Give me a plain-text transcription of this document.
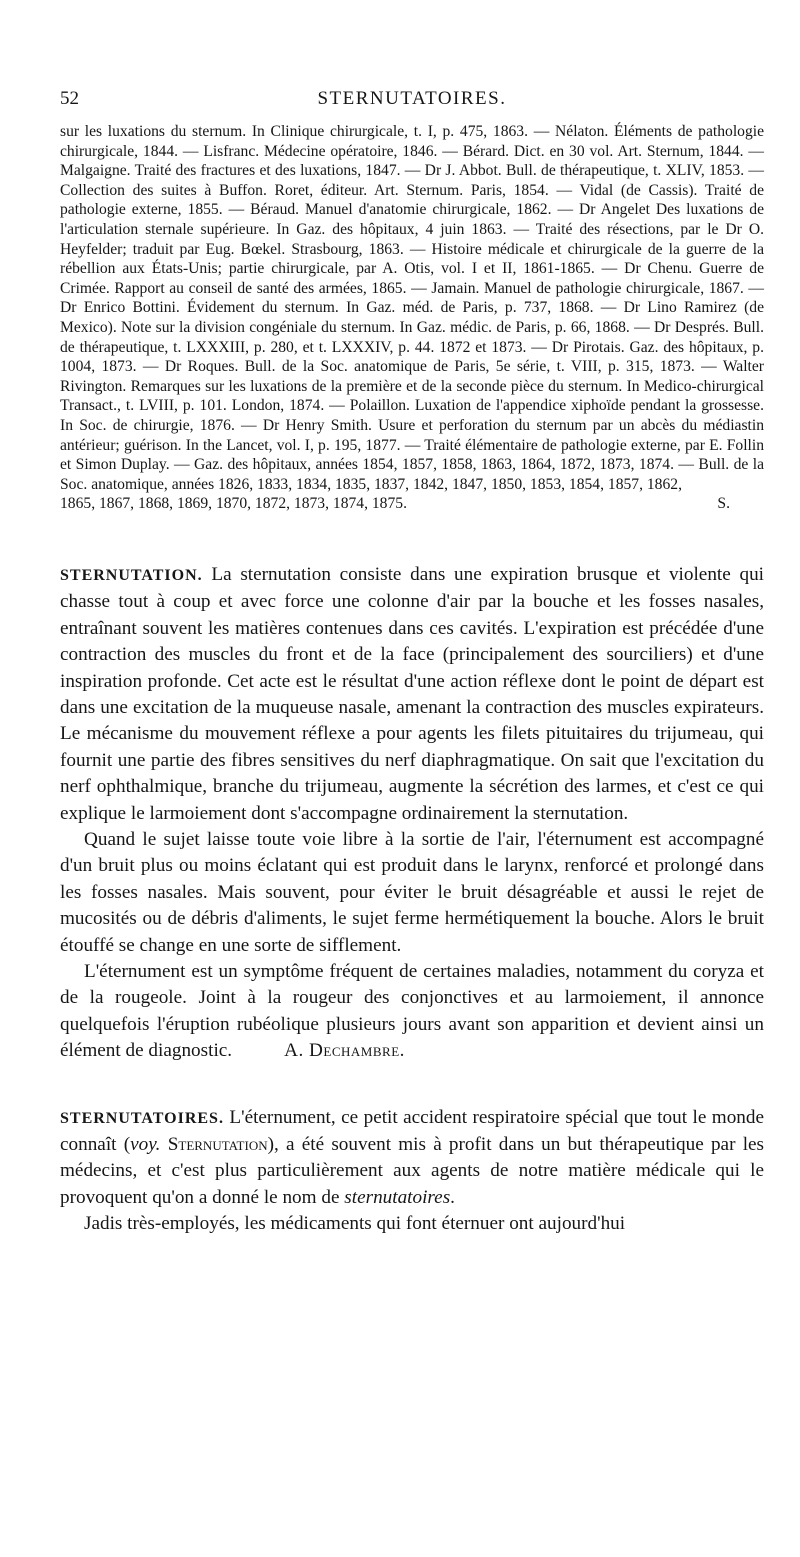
52	STERNUTATOIRES.

sur les luxations du sternum. In Clinique chirurgicale, t. I, p. 475, 1863. — Nélaton. Éléments de pathologie chirurgicale, 1844. — Lisfranc. Médecine opératoire, 1846. — Bérard. Dict. en 30 vol. Art. Sternum, 1844. — Malgaigne. Traité des fractures et des luxations, 1847. — Dr J. Abbot. Bull. de thérapeutique, t. XLIV, 1853. — Collection des suites à Buffon. Roret, éditeur. Art. Sternum. Paris, 1854. — Vidal (de Cassis). Traité de pathologie externe, 1855. — Béraud. Manuel d'anatomie chirurgicale, 1862. — Dr Angelet Des luxations de l'articulation sternale supérieure. In Gaz. des hôpitaux, 4 juin 1863. — Traité des résections, par le Dr O. Heyfelder; traduit par Eug. Bœkel. Strasbourg, 1863. — Histoire médicale et chirurgicale de la guerre de la rébellion aux États-Unis; partie chirurgicale, par A. Otis, vol. I et II, 1861-1865. — Dr Chenu. Guerre de Crimée. Rapport au conseil de santé des armées, 1865. — Jamain. Manuel de pathologie chirurgicale, 1867. — Dr Enrico Bottini. Évidement du sternum. In Gaz. méd. de Paris, p. 737, 1868. — Dr Lino Ramirez (de Mexico). Note sur la division congéniale du sternum. In Gaz. médic. de Paris, p. 66, 1868. — Dr Després. Bull. de thérapeutique, t. LXXXIII, p. 280, et t. LXXXIV, p. 44. 1872 et 1873. — Dr Pirotais. Gaz. des hôpitaux, p. 1004, 1873. — Dr Roques. Bull. de la Soc. anatomique de Paris, 5e série, t. VIII, p. 315, 1873. — Walter Rivington. Remarques sur les luxations de la première et de la seconde pièce du sternum. In Medico-chirurgical Transact., t. LVIII, p. 101. London, 1874. — Polaillon. Luxation de l'appendice xiphoïde pendant la grossesse. In Soc. de chirurgie, 1876. — Dr Henry Smith. Usure et perforation du sternum par un abcès du médiastin antérieur; guérison. In the Lancet, vol. I, p. 195, 1877. — Traité élémentaire de pathologie externe, par E. Follin et Simon Duplay. — Gaz. des hôpitaux, années 1854, 1857, 1858, 1863, 1864, 1872, 1873, 1874. — Bull. de la Soc. anatomique, années 1826, 1833, 1834, 1835, 1837, 1842, 1847, 1850, 1853, 1854, 1857, 1862,

1865, 1867, 1868, 1869, 1870, 1872, 1873, 1874, 1875.	S.

STERNUTATION. La sternutation consiste dans une expiration brusque et violente qui chasse tout à coup et avec force une colonne d'air par la bouche et les fosses nasales, entraînant souvent les matières contenues dans ces cavités. L'expiration est précédée d'une contraction des muscles du front et de la face (principalement des sourciliers) et d'une inspiration profonde. Cet acte est le résultat d'une action réflexe dont le point de départ est dans une excitation de la muqueuse nasale, amenant la contraction des muscles expirateurs. Le mécanisme du mouvement réflexe a pour agents les filets pituitaires du trijumeau, qui fournit une partie des fibres sensitives du nerf diaphragmatique. On sait que l'excitation du nerf ophthalmique, branche du trijumeau, augmente la sécrétion des larmes, et c'est ce qui explique le larmoiement dont s'accompagne ordinairement la sternutation.

Quand le sujet laisse toute voie libre à la sortie de l'air, l'éternument est accompagné d'un bruit plus ou moins éclatant qui est produit dans le larynx, renforcé et prolongé dans les fosses nasales. Mais souvent, pour éviter le bruit désagréable et aussi le rejet de mucosités ou de débris d'aliments, le sujet ferme hermétiquement la bouche. Alors le bruit étouffé se change en une sorte de sifflement.

L'éternument est un symptôme fréquent de certaines maladies, notamment du coryza et de la rougeole. Joint à la rougeur des conjonctives et au larmoiement, il annonce quelquefois l'éruption rubéolique plusieurs jours avant son apparition et devient ainsi un élément de diagnostic.	A. Dechambre.

STERNUTATOIRES. L'éternument, ce petit accident respiratoire spécial que tout le monde connaît (voy. Sternutation), a été souvent mis à profit dans un but thérapeutique par les médecins, et c'est plus particulièrement aux agents de notre matière médicale qui le provoquent qu'on a donné le nom de sternutatoires.

Jadis très-employés, les médicaments qui font éternuer ont aujourd'hui
